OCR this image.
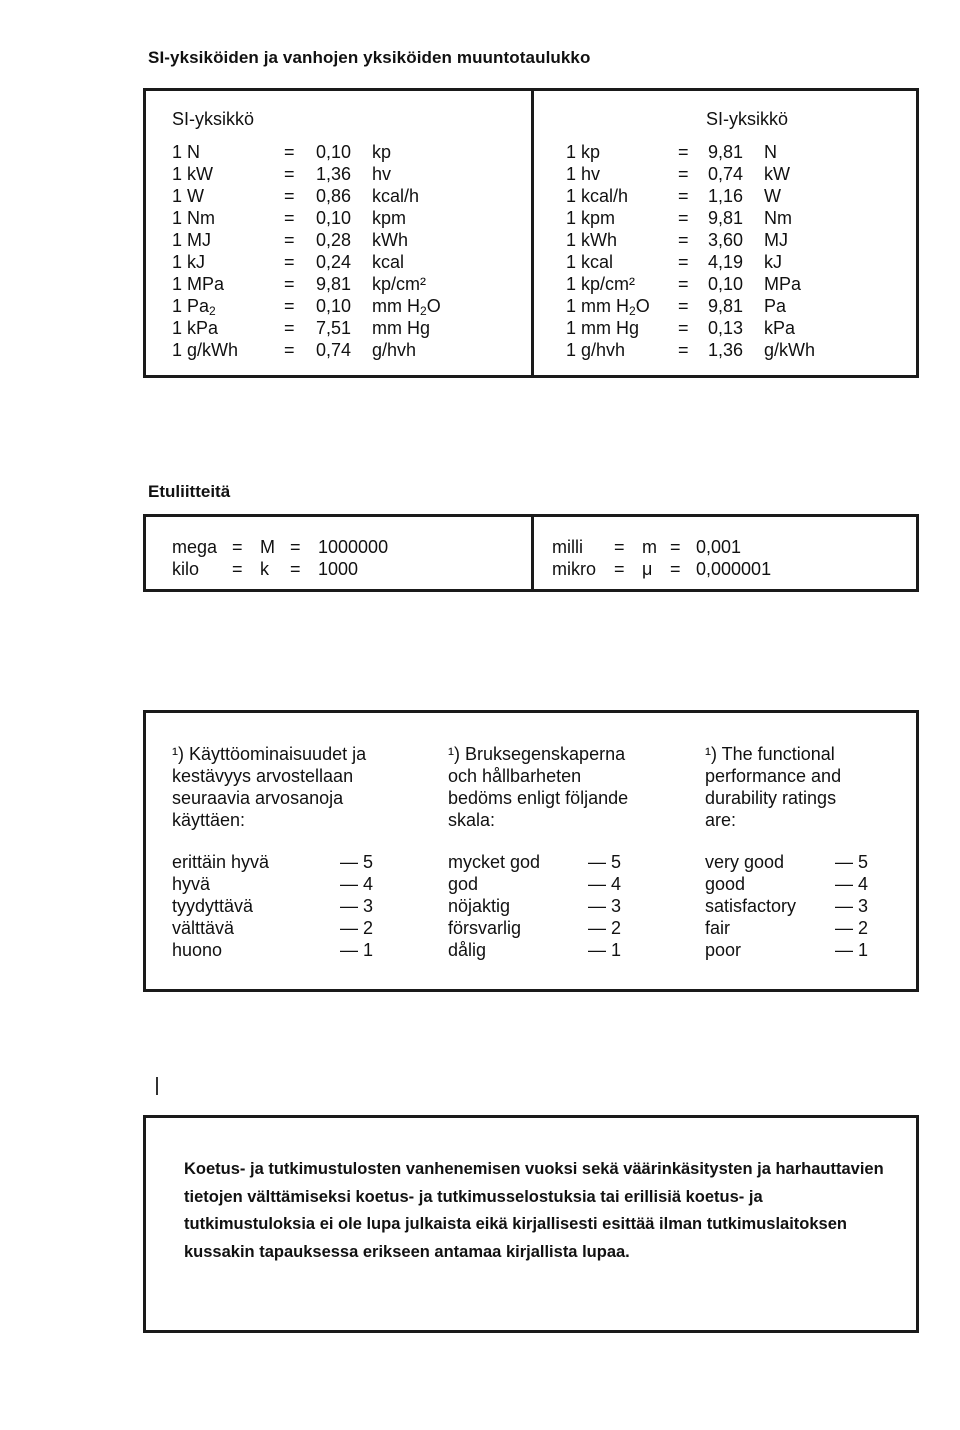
SI-yksiköiden ja vanhojen yksiköiden muuntotaulukko
SI-yksikkö
1 N	=	0,10	kp
1 kW	=	1,36	hv
1 W	=	0,86	kcal/h
1 Nm	=	0,10	kpm
1 MJ	=	0,28	kWh
1 kJ	=	0,24	kcal
1 MPa	=	9,81	kp/cm²
1 $Pa_2$	=	0,10	mm $H_2O$
1 kPa	=	7,51	mm Hg
1 g/kWh	=	0,74	g/hvh
SI-yksikkö
1 kp	=	9,81	N
1 hv	=	0,74	kW
1 kcal/h	=	1,16	W
1 kpm	=	9,81	Nm
1 kWh	=	3,60	MJ
1 kcal	=	4,19	kJ
1 kp/cm²	=	0,10	MPa
1 mm $H_2O$	=	9,81	Pa
1 mm Hg	=	0,13	kPa
1 g/hvh	=	1,36	g/kWh
Etuliitteitä
mega = M = 1000000
kilo	= k	= 1000
milli	= m = 0,001
mikro	= μ = 0,000001
¹) Käyttöominaisuudet ja
kestävyys arvostellaan
seuraavia arvosanoja
käyttäen:
erittäin hyvä	— 5
hyvä	— 4
tyydyttävä	— 3
välttävä	— 2
huono	— 1
¹) Bruksegenskaperna
och hållbarheten
bedöms enligt följande
skala:
mycket god	— 5
god	— 4
nöjaktig	— 3
försvarlig	— 2
dålig	— 1
¹) The functional
performance and
durability ratings
are:
very good	— 5
good	— 4
satisfactory — 3
fair	— 2
poor	— 1
Koetus- ja tutkimustulosten vanhenemisen vuoksi sekä väärinkäsitysten ja harhauttavien tietojen välttämiseksi koetus- ja tutkimusselostuksia tai erillisiä koetus- ja tutkimustuloksia ei ole lupa julkaista eikä kirjallisesti esittää ilman tutkimuslaitoksen kussakin tapauksessa erikseen antamaa kirjallista lupaa.
